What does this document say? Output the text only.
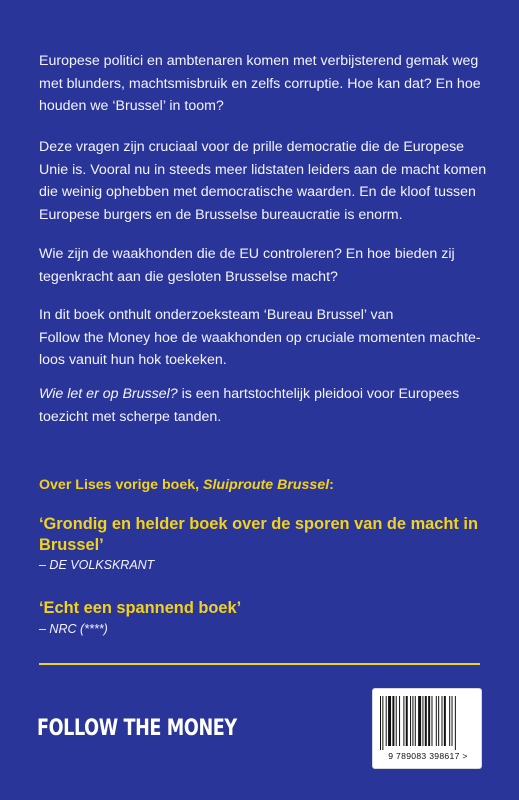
Europese politici en ambtenaren komen met verbijsterend gemak weg met blunders, machtsmisbruik en zelfs corruptie. Hoe kan dat? En hoe houden we ‘Brussel’ in toom?

Deze vragen zijn cruciaal voor de prille democratie die de Europese Unie is. Vooral nu in steeds meer lidstaten leiders aan de macht komen die weinig ophebben met democratische waarden. En de kloof tussen Europese burgers en de Brusselse bureaucratie is enorm.

Wie zijn de waakhonden die de EU controleren? En hoe bieden zij tegenkracht aan die gesloten Brusselse macht?

In dit boek onthult onderzoeksteam ‘Bureau Brussel’ van
Follow the Money hoe de waakhonden op cruciale momenten machte-
loos vanuit hun hok toekeken.

Wie let er op Brussel? is een hartstochtelijk pleidooi voor Europees toezicht met scherpe tanden.

Over Lises vorige boek, Sluiproute Brussel:

‘Grondig en helder boek over de sporen van de macht in Brussel’

– DE VOLKSKRANT

‘Echt een spannend boek’

– NRC (****)

FOLLOW THE MONEY
9 789083 398617 >
